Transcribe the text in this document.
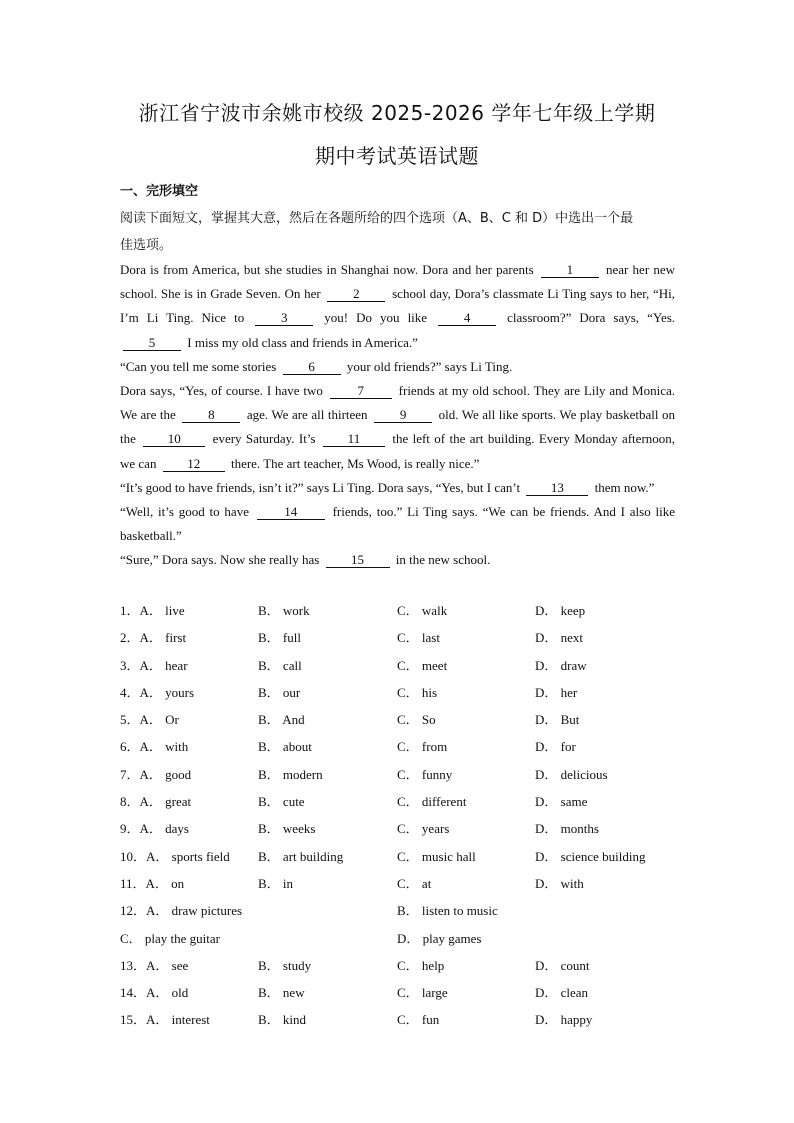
浙江省宁波市余姚市校级 2025-2026 学年七年级上学期
期中考试英语试题
一、完形填空
阅读下面短文，掌握其大意，然后在各题所给的四个选项（A、B、C 和 D）中选出一个最
佳选项。

Dora is from America, but she studies in Shanghai now. Dora and her parents	1	near her new school. She is in Grade Seven. On her 2 school day, Dora’s classmate Li Ting says to her, “Hi, I’m Li Ting. Nice to	3	you! Do you like	4	classroom?” Dora says, “Yes. 5 I miss my old class and friends in America.”

“Can you tell me some stories 6 your old friends?” says Li Ting.

Dora says, “Yes, of course. I have two	7	friends at my old school. They are Lily and Monica. We are the 8 age. We are all thirteen 9 old. We all like sports. We play basketball on the 10 every Saturday. It’s 11 the left of the art building. Every Monday afternoon, we can 12 there. The art teacher, Ms Wood, is really nice.”

“It’s good to have friends, isn’t it?” says Li Ting. Dora says, “Yes, but I can’t 13 them now.”

“Well, it’s good to have	14	friends, too.” Li Ting says. “We can be friends. And I also like basketball.”

“Sure,” Dora says. Now she really has 15 in the new school.

1．A． live	B． work	C． walk	D． keep
2．A． first	B． full	C． last	D． next
3．A． hear	B． call	C． meet	D． draw
4．A． yours	B． our	C． his	D． her
5．A． Or	B． And	C． So	D． But
6．A． with	B． about	C． from	D． for
7．A． good	B． modern	C． funny	D． delicious
8．A． great	B． cute	C． different	D． same
9．A． days	B． weeks	C． years	D． months
10．A． sports field B． art building	C． music hall	D． science building
11．A． on	B． in	C． at	D． with
12．A． draw pictures	B． listen to music
C． play the guitar	D． play games
13．A． see	B． study	C． help	D． count
14．A． old	B． new	C． large	D． clean
15．A． interest	B． kind	C． fun	D． happy
